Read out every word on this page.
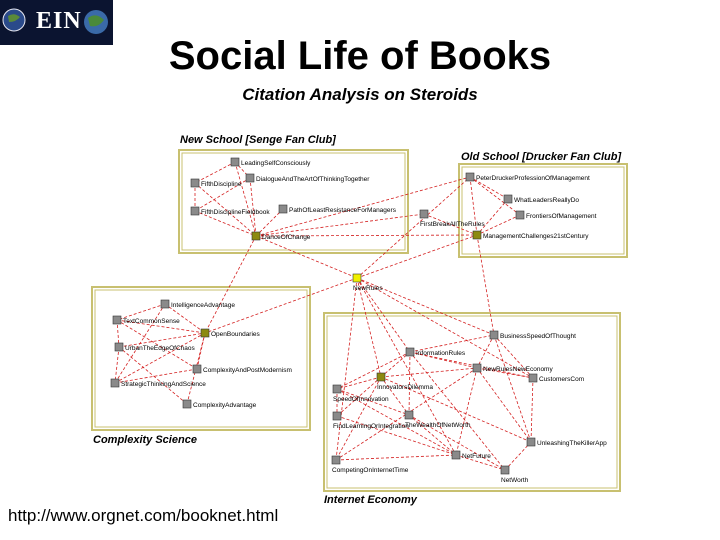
EIN
Social Life of Books
Citation Analysis on Steroids
New School [Senge Fan Club]
Old School [Drucker Fan Club]
Complexity Science
Internet Economy
LeadingSelfConsciously
FifthDiscipline
DialogueAndTheArtOfThinkingTogether
FifthDisciplineFieldbook	PathOfLeastResistanceForManagers
DanceOfChange
FirstBreakAllTheRules
PeterDruckerProfessionOfManagement
WhatLeadersReallyDo
FrontiersOfManagement
ManagementChallenges21stCentury
NewRules
IntelligenceAdvantage
TextCommonSense
OpenBoundaries
UrbanTheEdgeOfChaos
ComplexityAndPostModernism
StrategicThinkingAndScience
ComplexityAdvantage
InformationRules
BusinessSpeedOfThought
InnovatorsDilemma
NewRulesNewEconomy
SpeedOfInnovation
CustomersCom
FindLearningOrIntegration
TheWealthOfNetWorth
UnleashingTheKillerApp
CompetingOnInternetTime
NetFuture
NetWorth
http://www.orgnet.com/booknet.html
